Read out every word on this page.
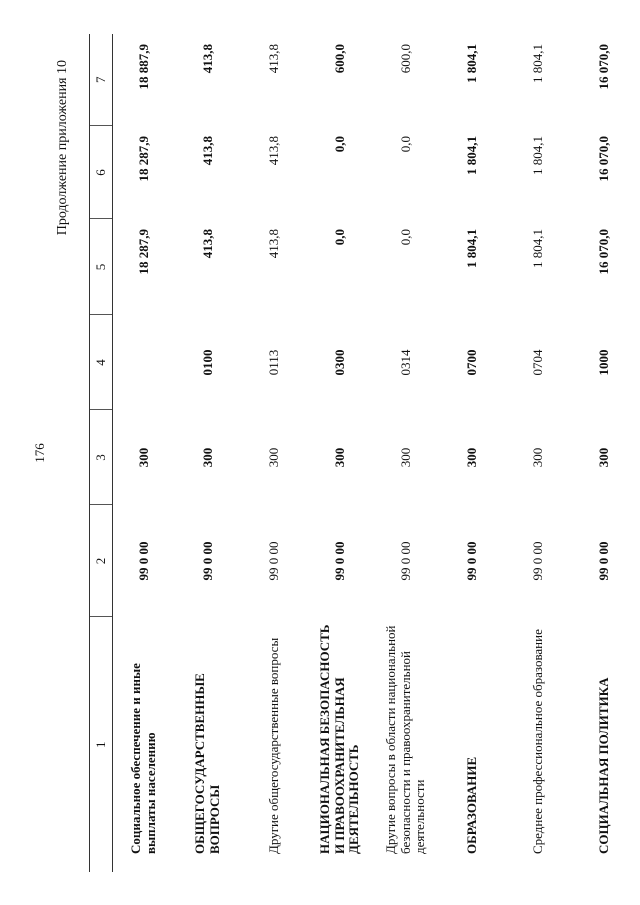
176
Продолжение приложения 10
1	2	3	4	5	6	7
Социальное обеспечение и иные выплаты населению	99 0 00	300		18 287,9	18 287,9	18 887,9
ОБЩЕГОСУДАРСТВЕННЫЕ ВОПРОСЫ	99 0 00	300	0100	413,8	413,8	413,8
Другие общегосударственные вопросы	99 0 00	300	0113	413,8	413,8	413,8
НАЦИОНАЛЬНАЯ БЕЗОПАСНОСТЬ И ПРАВООХРАНИТЕЛЬНАЯ ДЕЯТЕЛЬНОСТЬ	99 0 00	300	0300	0,0	0,0	600,0
Другие вопросы в области национальной безопасности и правоохранительной деятельности	99 0 00	300	0314	0,0	0,0	600,0
ОБРАЗОВАНИЕ	99 0 00	300	0700	1 804,1	1 804,1	1 804,1
Среднее профессиональное образование	99 0 00	300	0704	1 804,1	1 804,1	1 804,1
СОЦИАЛЬНАЯ ПОЛИТИКА	99 0 00	300	1000	16 070,0	16 070,0	16 070,0
